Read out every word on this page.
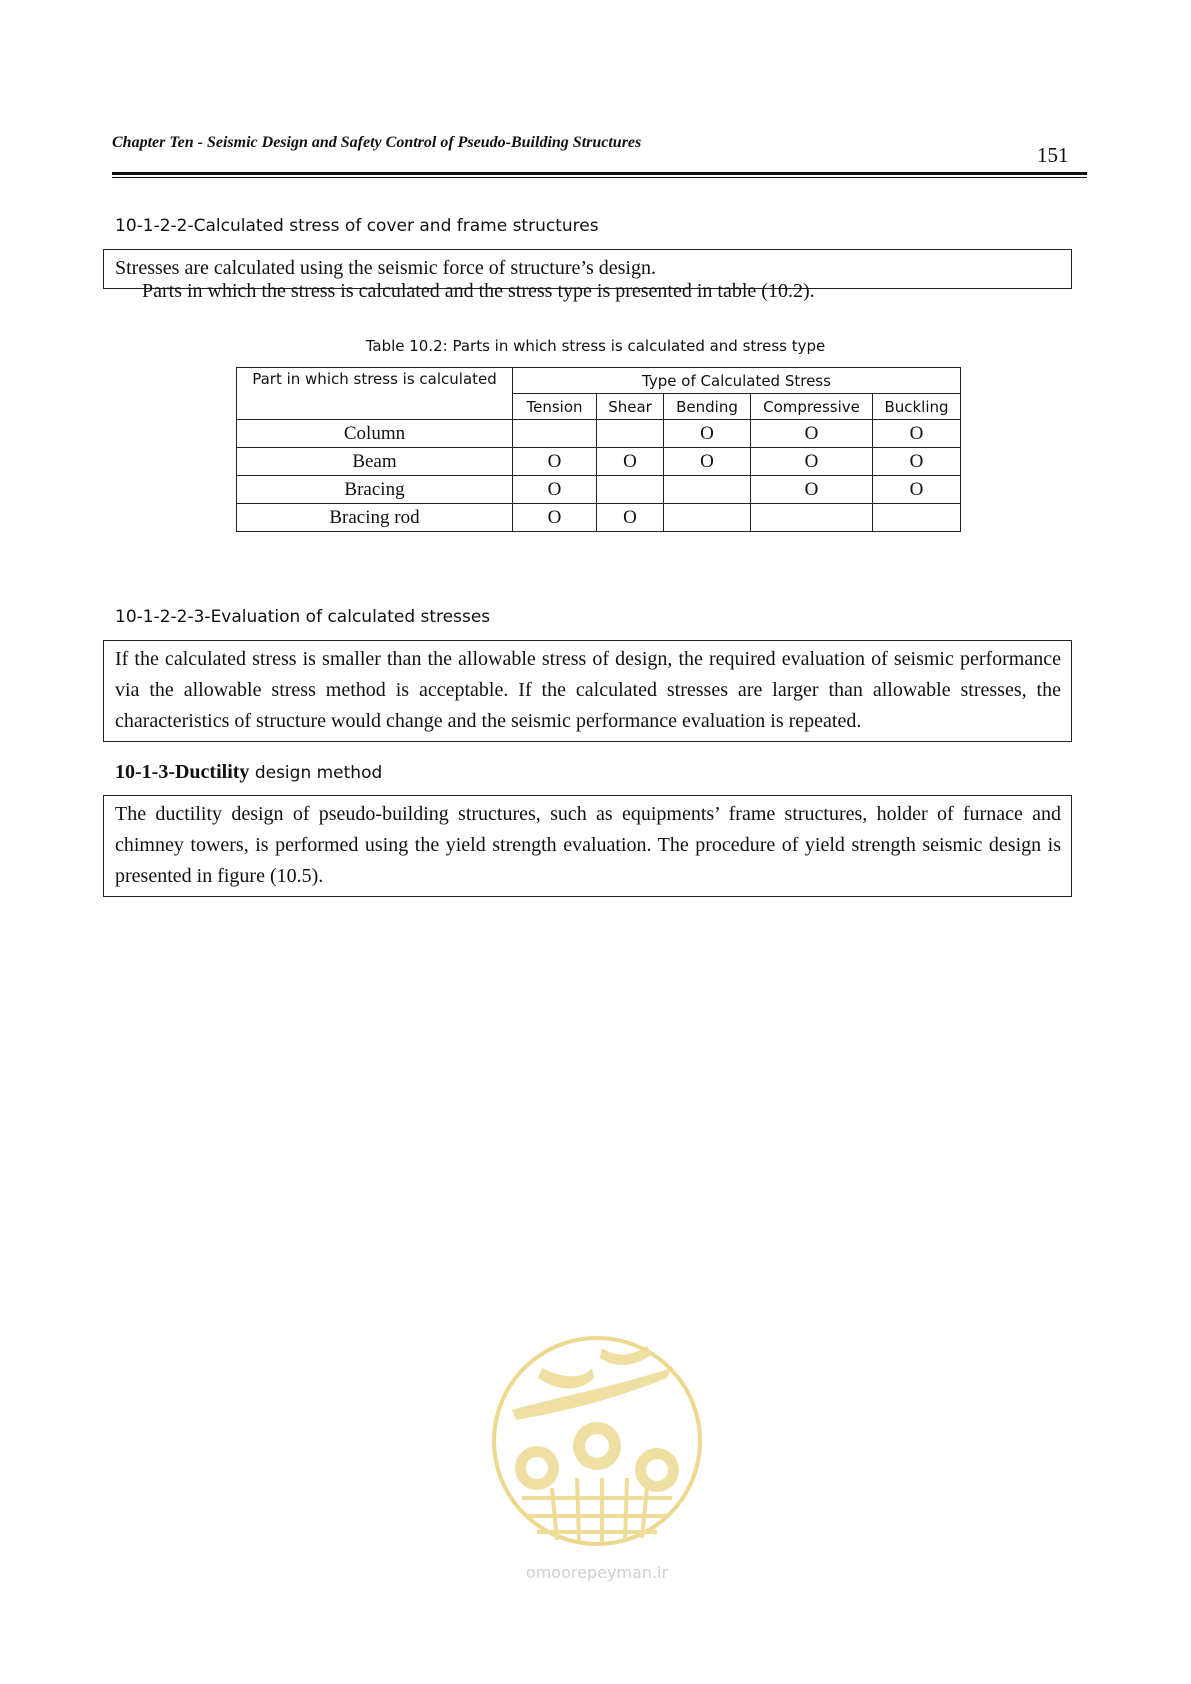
Chapter Ten - Seismic Design and Safety Control of Pseudo-Building Structures
151
10-1-2-2-Calculated stress of cover and frame structures

Stresses are calculated using the seismic force of structure’s design.

Parts in which the stress is calculated and the stress type is presented in table (10.2).
Table 10.2: Parts in which stress is calculated and stress type
Part in which stress is calculated	Type of Calculated Stress				
	Tension	Shear	Bending	Compressive	Buckling
Column			O	O	O
Beam	O	O	O	O	O
Bracing	O			O	O
Bracing rod	O	O			
10-1-2-2-3-Evaluation of calculated stresses

If the calculated stress is smaller than the allowable stress of design, the required evaluation of seismic performance via the allowable stress method is acceptable. If the calculated stresses are larger than allowable stresses, the characteristics of structure would change and the seismic performance evaluation is repeated.

10-1-3-Ductility design method

The ductility design of pseudo-building structures, such as equipments’ frame structures, holder of furnace and chimney towers, is performed using the yield strength evaluation. The procedure of yield strength seismic design is presented in figure (10.5).

omoorepeyman.ir
